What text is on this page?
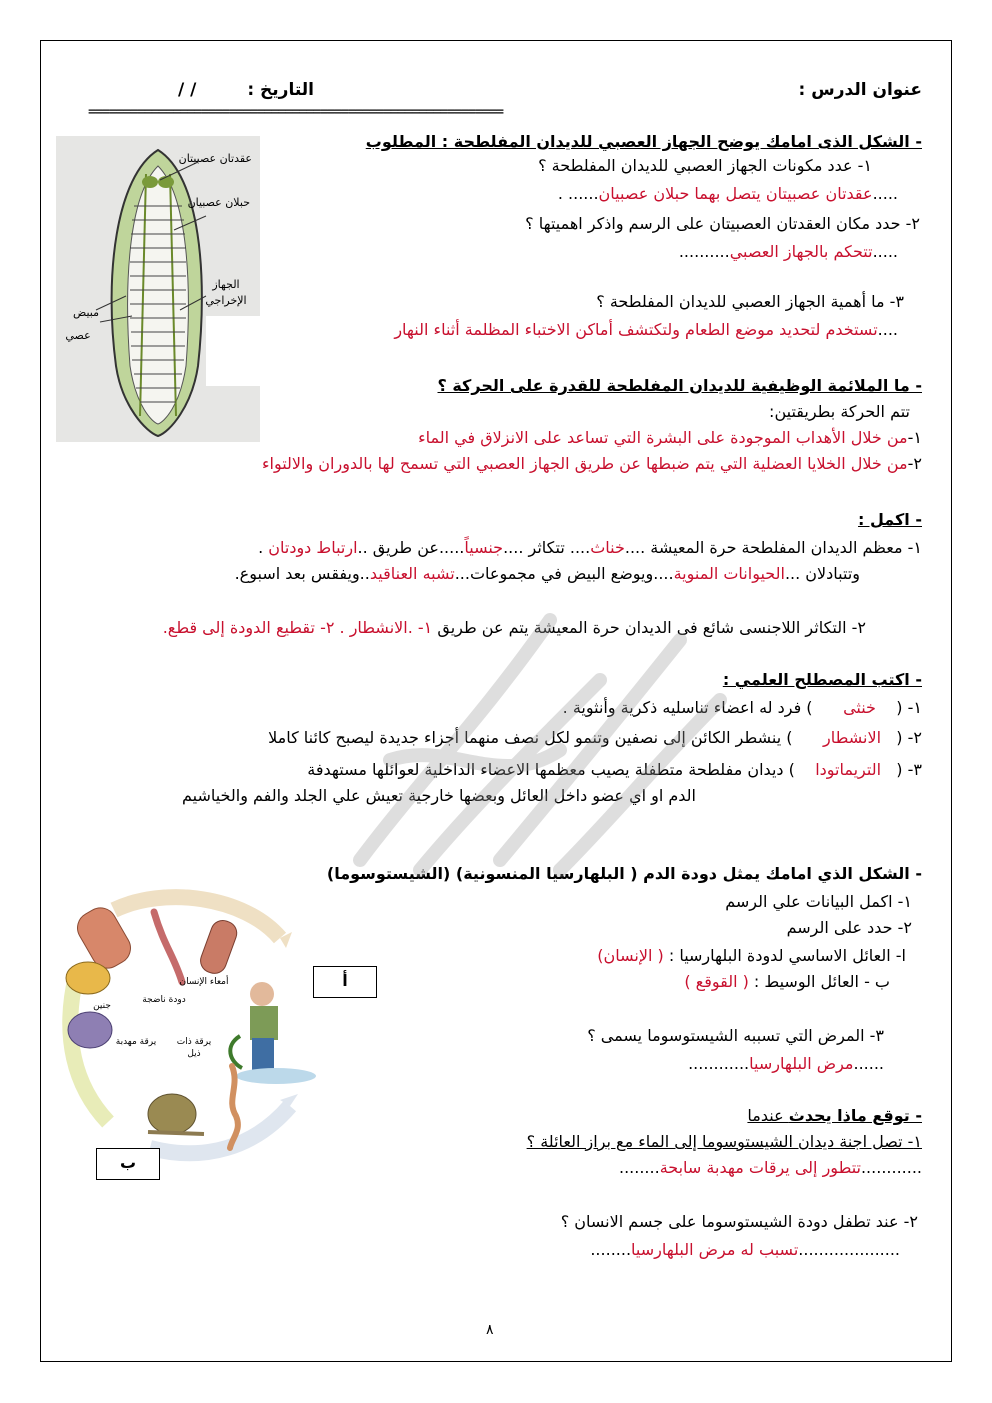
عنوان الدرس :
التاريخ :
/ /
===========================================================
عقدتان عصبيتان
حبلان عصبيان
مبيض
عصي
الجهاز
الإخراجي
- الشكل الذى امامك يوضح الجهاز العصبي للديدان المفلطحة : المطلوب
١- عدد مكونات الجهاز العصبي للديدان المفلطحة ؟
.....عقدتان عصبيتان يتصل بهما حبلان عصبيان...... .
٢- حدد مكان العقدتان العصبيتان على الرسم واذكر اهميتها ؟
.....تتحكم بالجهاز العصبي..........
٣- ما أهمية الجهاز العصبي للديدان المفلطحة ؟
....تستخدم لتحديد موضع الطعام ولتكتشف أماكن الاختباء المظلمة أثناء النهار
- ما الملائمة الوظيفية للديدان المفلطحة للقدرة على الحركة ؟
تتم الحركة بطريقتين:
١-من خلال الأهداب الموجودة على البشرة التي تساعد على الانزلاق في الماء
٢-من خلال الخلايا العضلية التي يتم ضبطها عن طريق الجهاز العصبي التي تسمح لها بالدوران والالتواء
- اكمل :
١- معظم الديدان المفلطحة حرة المعيشة ....خناث.... تتكاثر ....جنسياً.....عن طريق ..ارتباط دودتان .
وتتبادلان ...الحيوانات المنوية....ويوضع البيض في مجموعات...تشبه العناقيد..ويفقس بعد اسبوع.
٢- التكاثر اللاجنسى شائع فى الديدان حرة المعيشة يتم عن طريق ١- .الانشطار . ٢- تقطيع الدودة إلى قطع.
- اكتب المصطلح العلمي :
١- (    خنثى      ) فرد له اعضاء تناسليه ذكرية وأنثوية .
٢- (   الانشطار      ) ينشطر الكائن إلى نصفين وتنمو لكل نصف منهما أجزاء جديدة ليصبح كائنا كاملا
٣- (   التريماتودا    ) ديدان مفلطحة متطفلة يصيب معظمها الاعضاء الداخلية لعوائلها مستهدفة
الدم او اي عضو داخل العائل وبعضها خارجية تعيش علي الجلد والفم والخياشيم
- الشكل الذي امامك يمثل دودة الدم ( البلهارسيا المنسونية) (الشيستوسوما)
١- اكمل البيانات علي الرسم
٢- حدد على الرسم
ا- العائل الاساسي لدودة البلهارسيا : ( الإنسان)
ب - العائل الوسيط : ( القوقع )
٣- المرض التي تسببه الشيستوسوما يسمى ؟
......مرض البلهارسيا............
أمعاء الإنسان
دودة ناضجة
جنين
يرقة مهدبة يرقة ذات
ذيل
أ
ب
- توقع ماذا يحدث عندما
١- تصل اجنة ديدان الشيستوسوما إلى الماء مع براز العائلة ؟
............تتطور إلى يرقات مهدبة سابحة........
٢- عند تطفل دودة الشيستوسوما على جسم الانسان ؟
....................تسبب له مرض البلهارسيا........
٨
